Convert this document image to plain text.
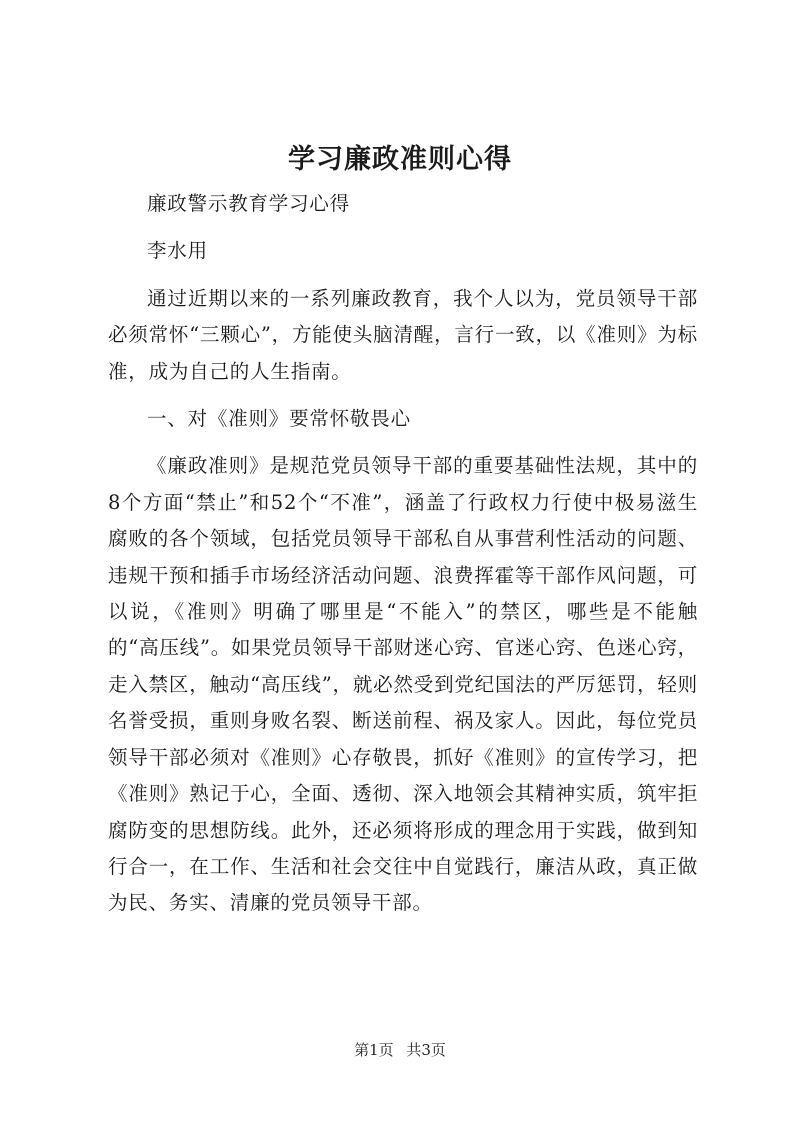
学习廉政准则心得

廉政警示教育学习心得

李水用

通过近期以来的一系列廉政教育，我个人以为，党员领导干部必须常怀“三颗心”，方能使头脑清醒，言行一致，以《准则》为标准，成为自己的人生指南。

一、对《准则》要常怀敬畏心

《廉政准则》是规范党员领导干部的重要基础性法规，其中的8个方面“禁止”和52个“不准”，涵盖了行政权力行使中极易滋生腐败的各个领域，包括党员领导干部私自从事营利性活动的问题、违规干预和插手市场经济活动问题、浪费挥霍等干部作风问题，可以说，《准则》明确了哪里是“不能入”的禁区，哪些是不能触的“高压线”。如果党员领导干部财迷心窍、官迷心窍、色迷心窍，走入禁区，触动“高压线”，就必然受到党纪国法的严厉惩罚，轻则名誉受损，重则身败名裂、断送前程、祸及家人。因此，每位党员领导干部必须对《准则》心存敬畏，抓好《准则》的宣传学习，把《准则》熟记于心，全面、透彻、深入地领会其精神实质，筑牢拒腐防变的思想防线。此外，还必须将形成的理念用于实践，做到知行合一，在工作、生活和社会交往中自觉践行，廉洁从政，真正做为民、务实、清廉的党员领导干部。

第1页 共3页
